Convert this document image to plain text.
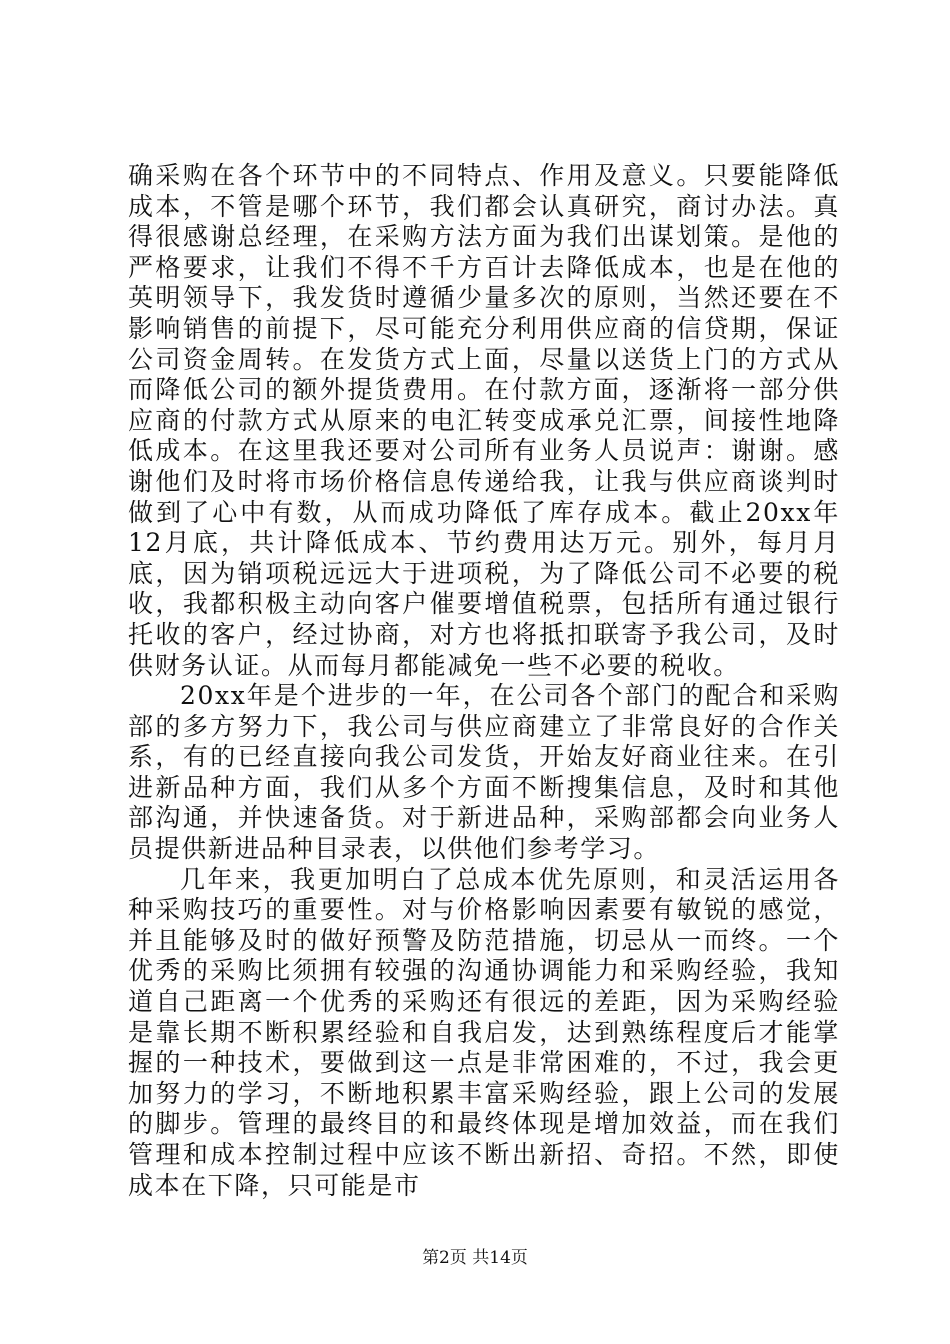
确采购在各个环节中的不同特点、作用及意义。只要能降低成本，不管是哪个环节，我们都会认真研究，商讨办法。真得很感谢总经理，在采购方法方面为我们出谋划策。是他的严格要求，让我们不得不千方百计去降低成本，也是在他的英明领导下，我发货时遵循少量多次的原则，当然还要在不影响销售的前提下，尽可能充分利用供应商的信贷期，保证公司资金周转。在发货方式上面，尽量以送货上门的方式从而降低公司的额外提货费用。在付款方面，逐渐将一部分供应商的付款方式从原来的电汇转变成承兑汇票，间接性地降低成本。在这里我还要对公司所有业务人员说声：谢谢。感谢他们及时将市场价格信息传递给我，让我与供应商谈判时做到了心中有数，从而成功降低了库存成本。截止20xx年12月底，共计降低成本、节约费用达万元。别外，每月月底，因为销项税远远大于进项税，为了降低公司不必要的税收，我都积极主动向客户催要增值税票，包括所有通过银行托收的客户，经过协商，对方也将抵扣联寄予我公司，及时供财务认证。从而每月都能减免一些不必要的税收。

20xx年是个进步的一年，在公司各个部门的配合和采购部的多方努力下，我公司与供应商建立了非常良好的合作关系，有的已经直接向我公司发货，开始友好商业往来。在引进新品种方面，我们从多个方面不断搜集信息，及时和其他部沟通，并快速备货。对于新进品种，采购部都会向业务人员提供新进品种目录表，以供他们参考学习。

几年来，我更加明白了总成本优先原则，和灵活运用各种采购技巧的重要性。对与价格影响因素要有敏锐的感觉，并且能够及时的做好预警及防范措施，切忌从一而终。一个优秀的采购比须拥有较强的沟通协调能力和采购经验，我知道自己距离一个优秀的采购还有很远的差距，因为采购经验是靠长期不断积累经验和自我启发，达到熟练程度后才能掌握的一种技术，要做到这一点是非常困难的，不过，我会更加努力的学习，不断地积累丰富采购经验，跟上公司的发展的脚步。管理的最终目的和最终体现是增加效益，而在我们管理和成本控制过程中应该不断出新招、奇招。不然，即使成本在下降，只可能是市

第2页 共14页
